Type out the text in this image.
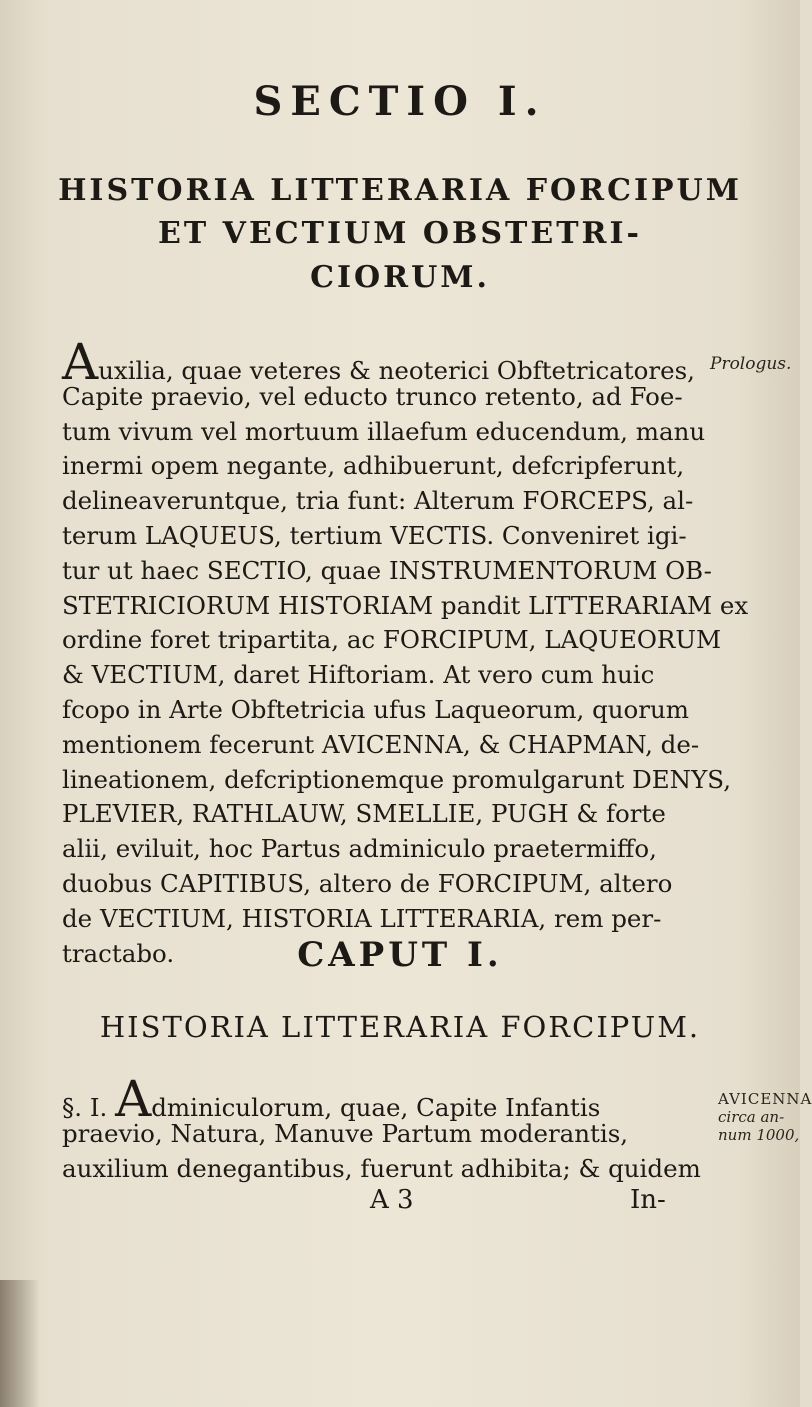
SECTIO I.
HISTORIA LITTERARIA FORCIPUM
ET VECTIUM OBSTETRI-
CIORUM.
Auxilia, quae veteres & neoterici Obftetricatores,
Capite praevio, vel educto trunco retento, ad Foe-
tum vivum vel mortuum illaefum educendum, manu
inermi opem negante, adhibuerunt, defcripferunt,
delineaveruntque, tria funt: Alterum FORCEPS, al-
terum LAQUEUS, tertium VECTIS. Conveniret igi-
tur ut haec SECTIO, quae INSTRUMENTORUM OB-
STETRICIORUM HISTORIAM pandit LITTERARIAM ex
ordine foret tripartita, ac FORCIPUM, LAQUEORUM
& VECTIUM, daret Hiftoriam. At vero cum huic
fcopo in Arte Obftetricia ufus Laqueorum, quorum
mentionem fecerunt AVICENNA, & CHAPMAN, de-
lineationem, defcriptionemque promulgarunt DENYS,
PLEVIER, RATHLAUW, SMELLIE, PUGH & forte
alii, eviluit, hoc Partus adminiculo praetermiffo,
duobus CAPITIBUS, altero de FORCIPUM, altero
de VECTIUM, HISTORIA LITTERARIA, rem per-
tractabo.
Prologus.
CAPUT I.
HISTORIA LITTERARIA FORCIPUM.
§. I. Adminiculorum, quae, Capite Infantis
praevio, Natura, Manuve Partum moderantis,
auxilium denegantibus, fuerunt adhibita; & quidem
AVICENNA
circa an-
num 1000,
A 3	In-
